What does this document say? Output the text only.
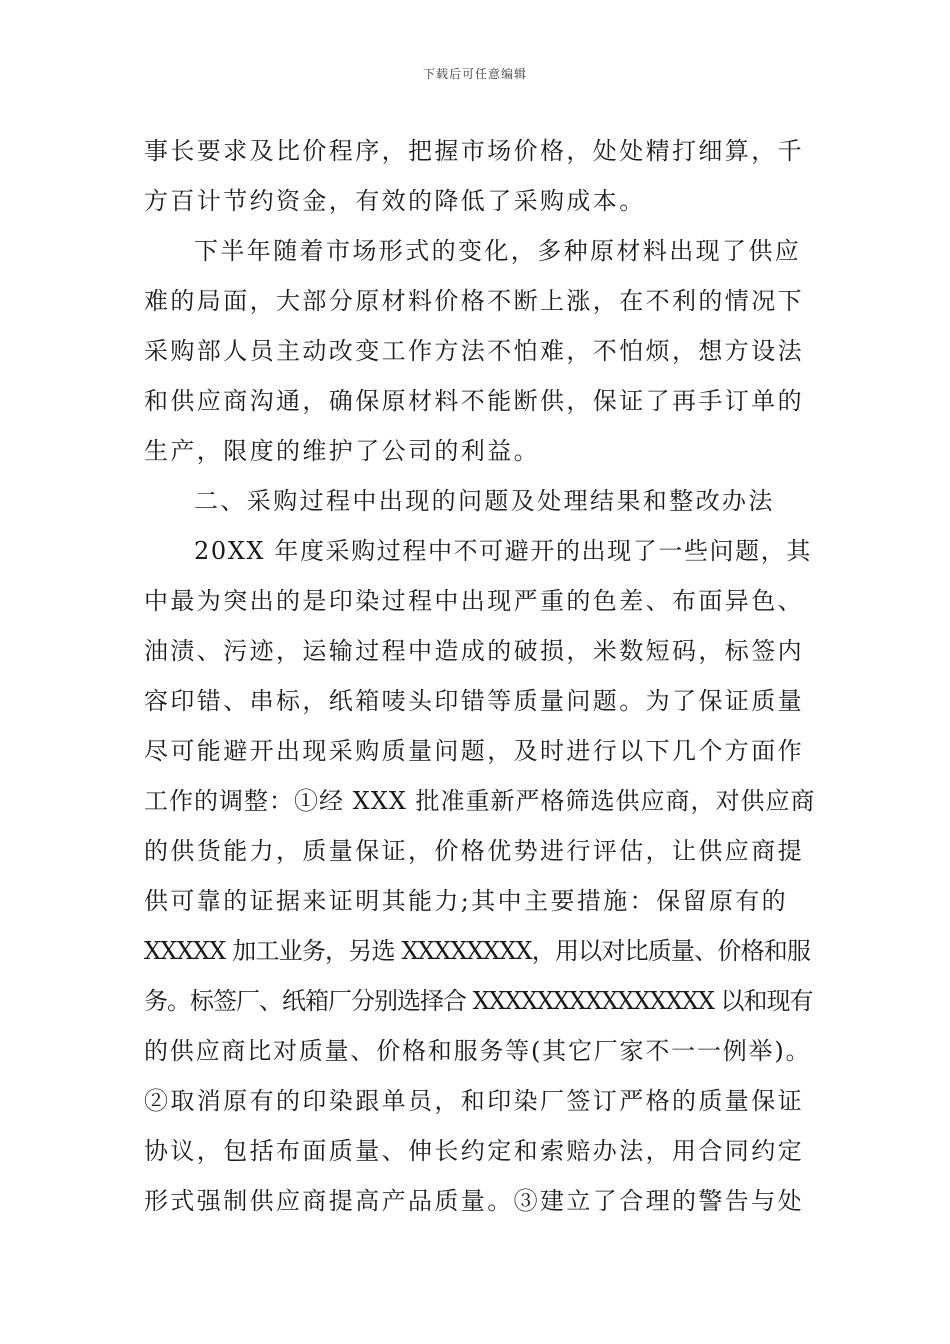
下载后可任意编辑
事长要求及比价程序，把握市场价格，处处精打细算，千
方百计节约资金，有效的降低了采购成本。
下半年随着市场形式的变化，多种原材料出现了供应
难的局面，大部分原材料价格不断上涨，在不利的情况下
采购部人员主动改变工作方法不怕难，不怕烦，想方设法
和供应商沟通，确保原材料不能断供，保证了再手订单的
生产，限度的维护了公司的利益。
二、采购过程中出现的问题及处理结果和整改办法
20XX 年度采购过程中不可避开的出现了一些问题，其
中最为突出的是印染过程中出现严重的色差、布面异色、
油渍、污迹，运输过程中造成的破损，米数短码，标签内
容印错、串标，纸箱唛头印错等质量问题。为了保证质量
尽可能避开出现采购质量问题，及时进行以下几个方面作
工作的调整：①经 XXX 批准重新严格筛选供应商，对供应商
的供货能力，质量保证，价格优势进行评估，让供应商提
供可靠的证据来证明其能力;其中主要措施：保留原有的
XXXXX 加工业务，另选 XXXXXXXX，用以对比质量、价格和服
务。标签厂、纸箱厂分别选择合 XXXXXXXXXXXXXXX 以和现有
的供应商比对质量、价格和服务等(其它厂家不一一例举)。
②取消原有的印染跟单员，和印染厂签订严格的质量保证
协议，包括布面质量、伸长约定和索赔办法，用合同约定
形式强制供应商提高产品质量。③建立了合理的警告与处
